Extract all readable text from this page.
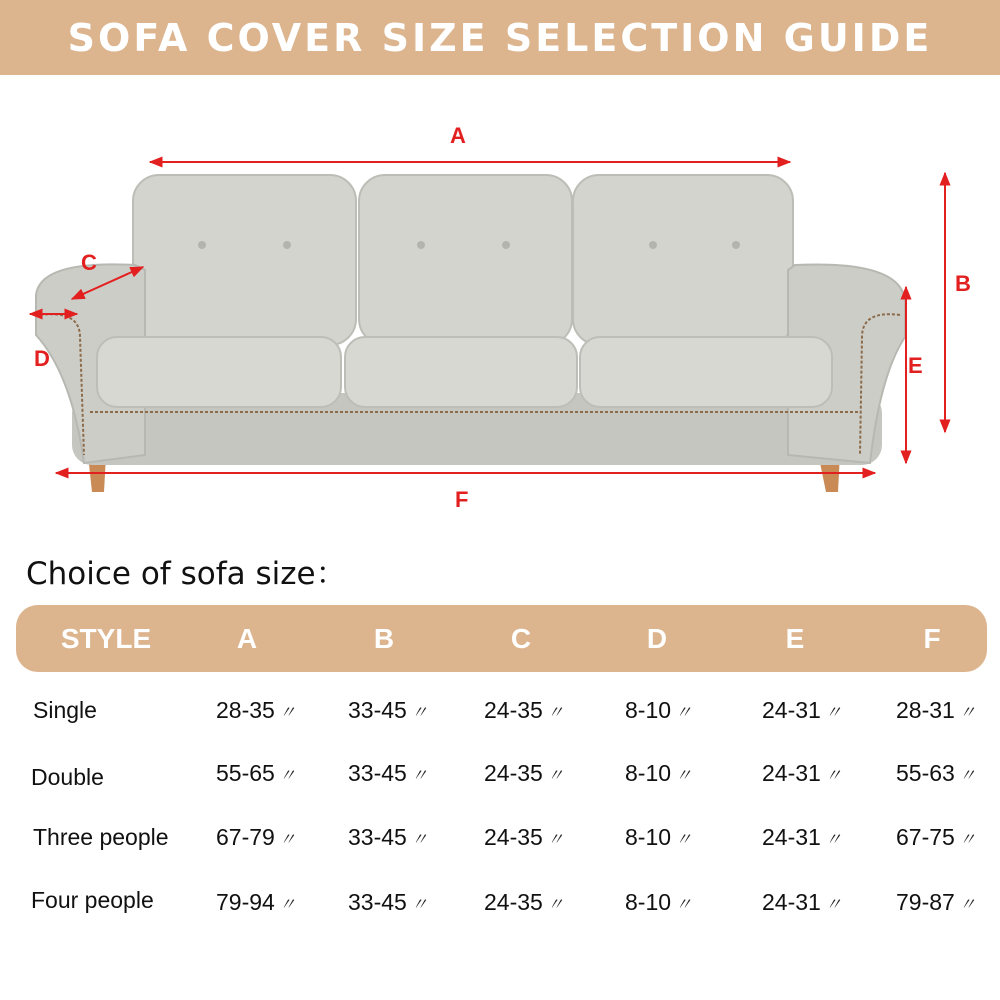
SOFA COVER SIZE SELECTION GUIDE
A
B
C
D	E
F
Choice of sofa size：
STYLE	A	B	C	D	E	F
Single	28-35 〃 33-45 〃 24-35 〃	8-10 〃	24-31 〃 28-31 〃
Double	55-65 〃 33-45 〃 24-35 〃	8-10 〃	24-31 〃 55-63 〃
Three people 67-79 〃 33-45 〃 24-35 〃	8-10 〃	24-31 〃 67-75 〃
Four people	79-94 〃 33-45 〃 24-35 〃	8-10 〃	24-31 〃 79-87 〃
